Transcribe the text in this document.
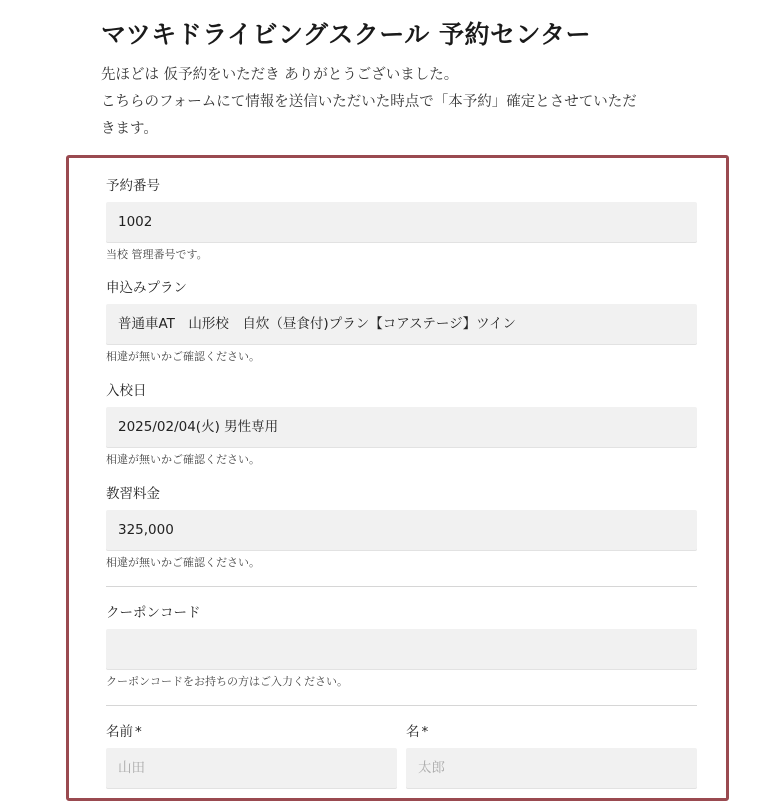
マツキドライビングスクール 予約センター

先ほどは 仮予約をいただき ありがとうございました。

こちらのフォームにて情報を送信いただいた時点で「本予約」確定とさせていただ

きます。

予約番号
1002
当校 管理番号です。
申込みプラン
普通車AT　山形校　自炊（昼食付)プラン【コアステージ】ツイン
相違が無いかご確認ください。
入校日
2025/02/04(火) 男性専用
相違が無いかご確認ください。
教習料金
325,000
相違が無いかご確認ください。
クーポンコード
クーポンコードをお持ちの方はご入力ください。
名前 *
山田
名 *
太郎
